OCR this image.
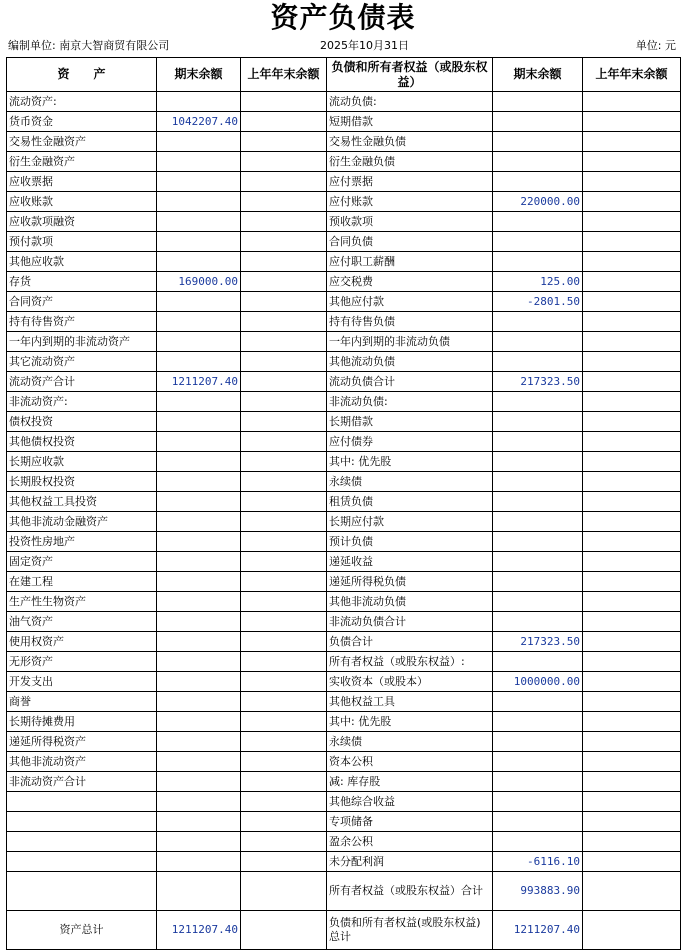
资产负债表
编制单位: 南京大智商贸有限公司	2025年10月31日	单位: 元
资　　产	期末余额	上年年末余额	负债和所有者权益（或股东权益）	期末余额	上年年末余额
流动资产:			流动负债:		
货币资金	1042207.40		短期借款		
交易性金融资产			交易性金融负债		
衍生金融资产			衍生金融负债		
应收票据			应付票据		
应收账款			应付账款	220000.00	
应收款项融资			预收款项		
预付款项			合同负债		
其他应收款			应付职工薪酬		
存货	169000.00		应交税费	125.00	
合同资产			其他应付款	-2801.50	
持有待售资产			持有待售负债		
一年内到期的非流动资产			一年内到期的非流动负债		
其它流动资产			其他流动负债		
流动资产合计	1211207.40		流动负债合计	217323.50	
非流动资产:			非流动负债:		
债权投资			长期借款		
其他债权投资			应付债券		
长期应收款			其中: 优先股		
长期股权投资			永续债		
其他权益工具投资			租赁负债		
其他非流动金融资产			长期应付款		
投资性房地产			预计负债		
固定资产			递延收益		
在建工程			递延所得税负债		
生产性生物资产			其他非流动负债		
油气资产			非流动负债合计		
使用权资产			负债合计	217323.50	
无形资产			所有者权益（或股东权益）:		
开发支出			实收资本（或股本）	1000000.00	
商誉			其他权益工具		
长期待摊费用			其中: 优先股		
递延所得税资产			永续债		
其他非流动资产			资本公积		
非流动资产合计			减: 库存股		
			其他综合收益		
			专项储备		
			盈余公积		
			未分配利润	-6116.10	
			所有者权益（或股东权益）合计	993883.90	
资产总计	1211207.40		负债和所有者权益(或股东权益)总计	1211207.40	
